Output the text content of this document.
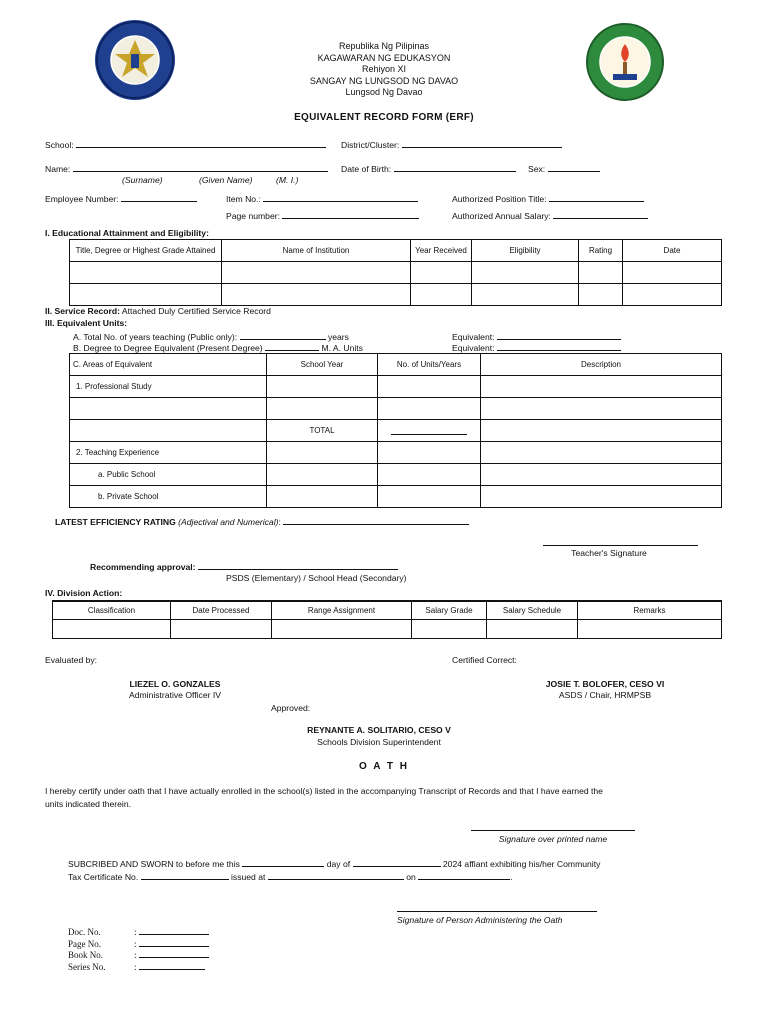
Republika Ng Pilipinas
KAGAWARAN NG EDUKASYON
Rehiyon XI
SANGAY NG LUNGSOD NG DAVAO
Lungsod Ng Davao
EQUIVALENT RECORD FORM (ERF)
School:	District/Cluster:
Name:	Date of Birth:	Sex:
(Surname)	(Given Name)	(M. I.)
Employee Number:	Item No.:	Authorized Position Title:
Page number:	Authorized Annual Salary:
I. Educational Attainment and Eligibility:
Title, Degree or Highest Grade Attained	Name of Institution	Year Received	Eligibility	Rating	Date

II. Service Record: Attached Duly Certified Service Record
III. Equivalent Units:
A. Total No. of years teaching (Public only):	years	Equivalent:
B. Degree to Degree Equivalent (Present Degree)	M. A. Units	Equivalent:
C. Areas of Equivalent	School Year	No. of Units/Years	Description
1. Professional Study			

	TOTAL		
2. Teaching Experience			
a. Public School			
b. Private School			
LATEST EFFICIENCY RATING (Adjectival and Numerical):
Teacher's Signature
Recommending approval:
PSDS (Elementary) / School Head (Secondary)
IV. Division Action:
Classification	Date Processed	Range Assignment	Salary Grade	Salary Schedule	Remarks

Evaluated by:	Certified Correct:
LIEZEL O. GONZALES
Administrative Officer IV
JOSIE T. BOLOFER, CESO VI
ASDS / Chair, HRMPSB
Approved:
REYNANTE A. SOLITARIO, CESO V
Schools Division Superintendent
O A T H
I hereby certify under oath that I have actually enrolled in the school(s) listed in the accompanying Transcript of Records and that I have earned the
units indicated therein.
Signature over printed name
SUBCRIBED AND SWORN to before me this	day of	2024 affiant exhibiting his/her Community
Tax Certificate No.	issued at	on	.
Signature of Person Administering the Oath
Doc. No.	:
Page No.	:
Book No.	:
Series No.	:
